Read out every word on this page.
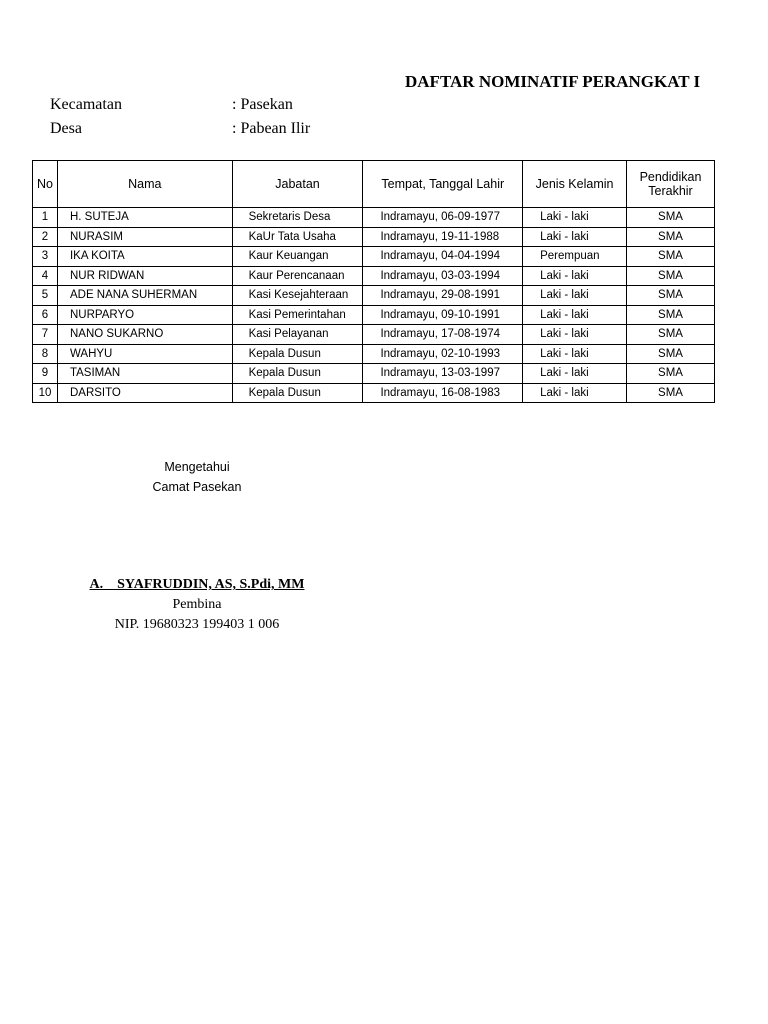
DAFTAR NOMINATIF PERANGKAT I
Kecamatan	: Pasekan
Desa	: Pabean Ilir
No	Nama	Jabatan	Tempat, Tanggal Lahir	Jenis Kelamin	Pendidikan Terakhir
1	H. SUTEJA	Sekretaris Desa	Indramayu, 06-09-1977	Laki - laki	SMA
2	NURASIM	KaUr Tata Usaha	Indramayu, 19-11-1988	Laki - laki	SMA
3	IKA KOITA	Kaur Keuangan	Indramayu, 04-04-1994	Perempuan	SMA
4	NUR RIDWAN	Kaur Perencanaan	Indramayu, 03-03-1994	Laki - laki	SMA
5	ADE NANA SUHERMAN	Kasi Kesejahteraan	Indramayu, 29-08-1991	Laki - laki	SMA
6	NURPARYO	Kasi Pemerintahan	Indramayu, 09-10-1991	Laki - laki	SMA
7	NANO SUKARNO	Kasi Pelayanan	Indramayu, 17-08-1974	Laki - laki	SMA
8	WAHYU	Kepala Dusun	Indramayu, 02-10-1993	Laki - laki	SMA
9	TASIMAN	Kepala Dusun	Indramayu, 13-03-1997	Laki - laki	SMA
10	DARSITO	Kepala Dusun	Indramayu, 16-08-1983	Laki - laki	SMA
Mengetahui
Camat Pasekan
A.__SYAFRUDDIN, AS, S.Pdi, MM
Pembina
NIP. 19680323 199403 1 006
